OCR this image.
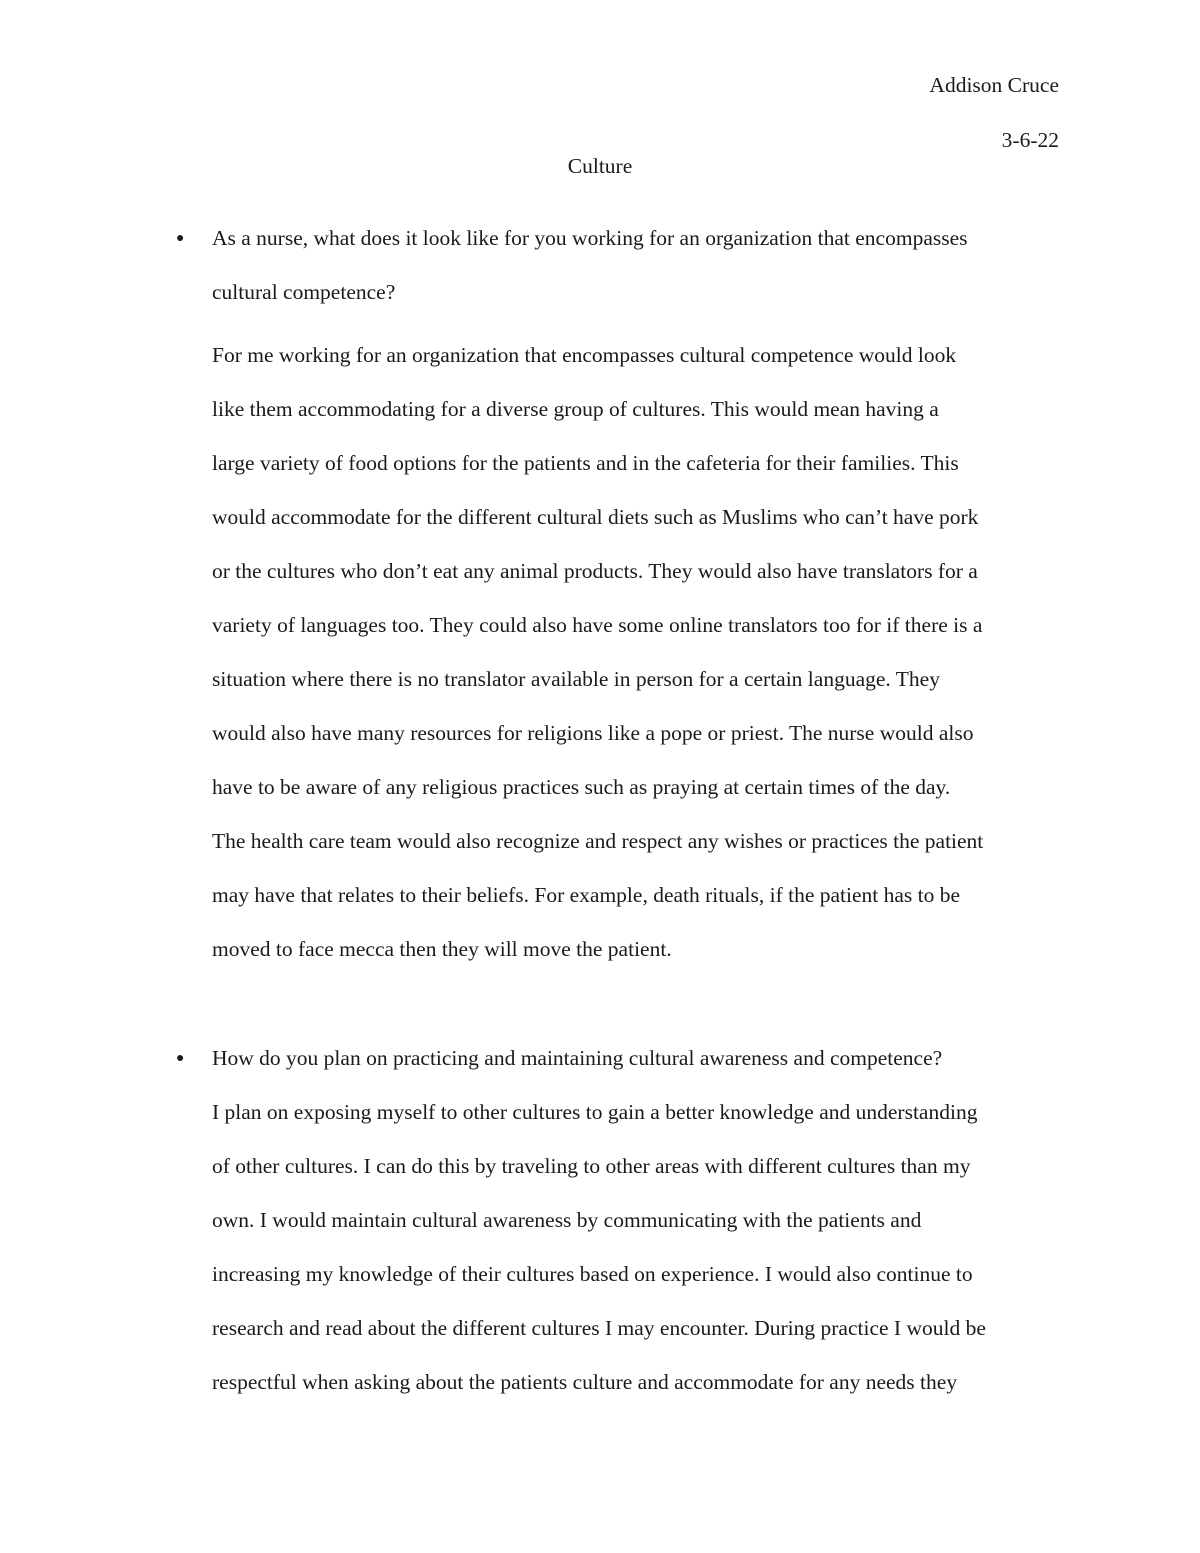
Addison Cruce
3-6-22
Culture
● As a nurse, what does it look like for you working for an organization that encompasses
cultural competence?
For me working for an organization that encompasses cultural competence would look
like them accommodating for a diverse group of cultures. This would mean having a
large variety of food options for the patients and in the cafeteria for their families. This
would accommodate for the different cultural diets such as Muslims who can’t have pork
or the cultures who don’t eat any animal products. They would also have translators for a
variety of languages too. They could also have some online translators too for if there is a
situation where there is no translator available in person for a certain language. They
would also have many resources for religions like a pope or priest. The nurse would also
have to be aware of any religious practices such as praying at certain times of the day.
The health care team would also recognize and respect any wishes or practices the patient
may have that relates to their beliefs. For example, death rituals, if the patient has to be
moved to face mecca then they will move the patient.
● How do you plan on practicing and maintaining cultural awareness and competence?
I plan on exposing myself to other cultures to gain a better knowledge and understanding
of other cultures. I can do this by traveling to other areas with different cultures than my
own. I would maintain cultural awareness by communicating with the patients and
increasing my knowledge of their cultures based on experience. I would also continue to
research and read about the different cultures I may encounter. During practice I would be
respectful when asking about the patients culture and accommodate for any needs they
